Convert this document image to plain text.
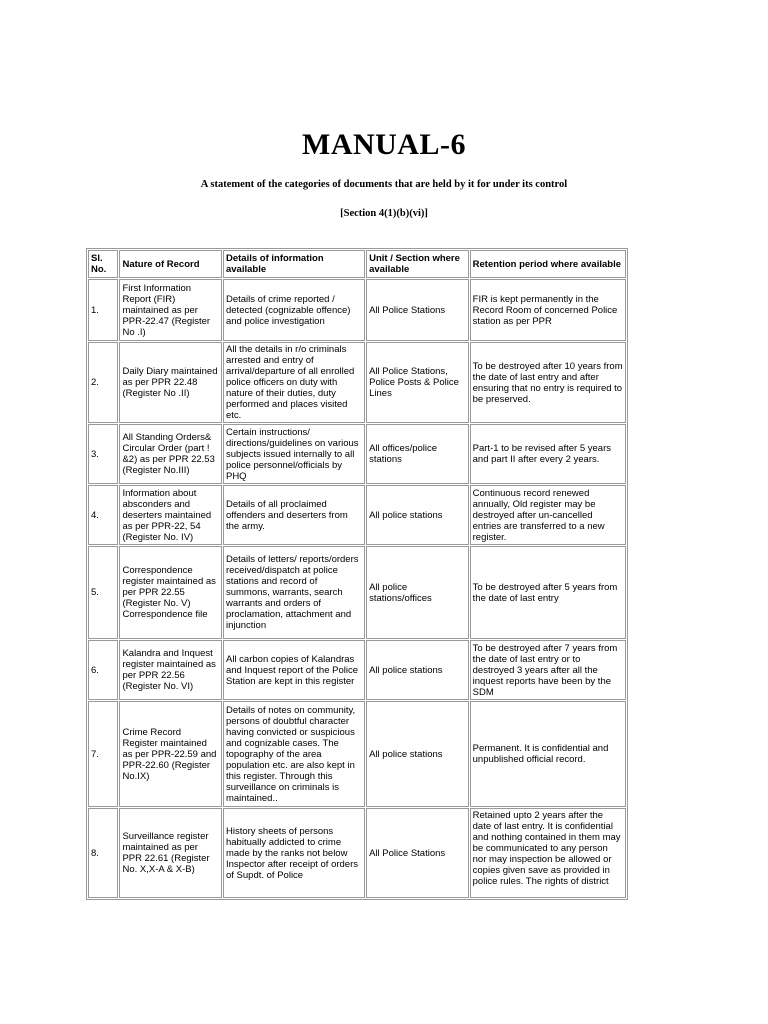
MANUAL-6
A statement of the categories of documents that are held by it for under its control
[Section 4(1)(b)(vi)]
Sl. No.	Nature of Record	Details of information available	Unit / Section where available	Retention period where available
1.	First Information Report (FIR) maintained as per PPR-22.47 (Register No .I)	Details of crime reported / detected (cognizable offence) and police investigation	All Police Stations	FIR is kept permanently in the Record Room of concerned Police station as per PPR
2.	Daily Diary maintained as per PPR 22.48 (Register No .II)	All the details in r/o criminals arrested and entry of arrival/departure of all enrolled police officers on duty with nature of their duties, duty performed and places visited etc.	All Police Stations, Police Posts & Police Lines	To be destroyed after 10 years from the date of last entry and after ensuring that no entry is required to be preserved.
3.	All Standing Orders& Circular Order (part ! &2) as per PPR 22.53 (Register No.III)	Certain instructions/ directions/guidelines on various subjects issued internally to all police personnel/officials by PHQ	All offices/police stations	Part-1 to be revised after 5 years and part II after every 2 years.
4.	Information about absconders and deserters maintained as per PPR-22, 54 (Register No. IV)	Details of all proclaimed offenders and deserters from the army.	All police stations	Continuous record renewed annually, Old register may be destroyed after un-cancelled entries are transferred to a new register.
5.	Correspondence register maintained as per PPR 22.55 (Register No. V) Correspondence file	Details of letters/ reports/orders received/dispatch at police stations and record of summons, warrants, search warrants and orders of proclamation, attachment and injunction	All police stations/offices	To be destroyed after 5 years from the date of last entry
6.	Kalandra and Inquest register maintained as per PPR 22.56 (Register No. VI)	All carbon copies of Kalandras and Inquest report of the Police Station are kept in this register	All police stations	To be destroyed after 7 years from the date of last entry or to destroyed 3 years after all the inquest reports have been by the SDM
7.	Crime Record Register maintained as per PPR-22.59 and PPR-22.60 (Register No.IX)	Details of notes on community, persons of doubtful character having convicted or suspicious and cognizable cases. The topography of the area population etc. are also kept in this register. Through this surveillance on criminals is maintained..	All police stations	Permanent. It is confidential and unpublished official record.
8.	Surveillance register maintained as per PPR 22.61 (Register No. X,X-A & X-B)	History sheets of persons habitually addicted to crime made by the ranks not below Inspector after receipt of orders of Supdt. of Police	All Police Stations	Retained upto 2 years after the date of last entry. It is confidential and nothing contained in them may be communicated to any person nor may inspection be allowed or copies given save as provided in police rules. The rights of district
